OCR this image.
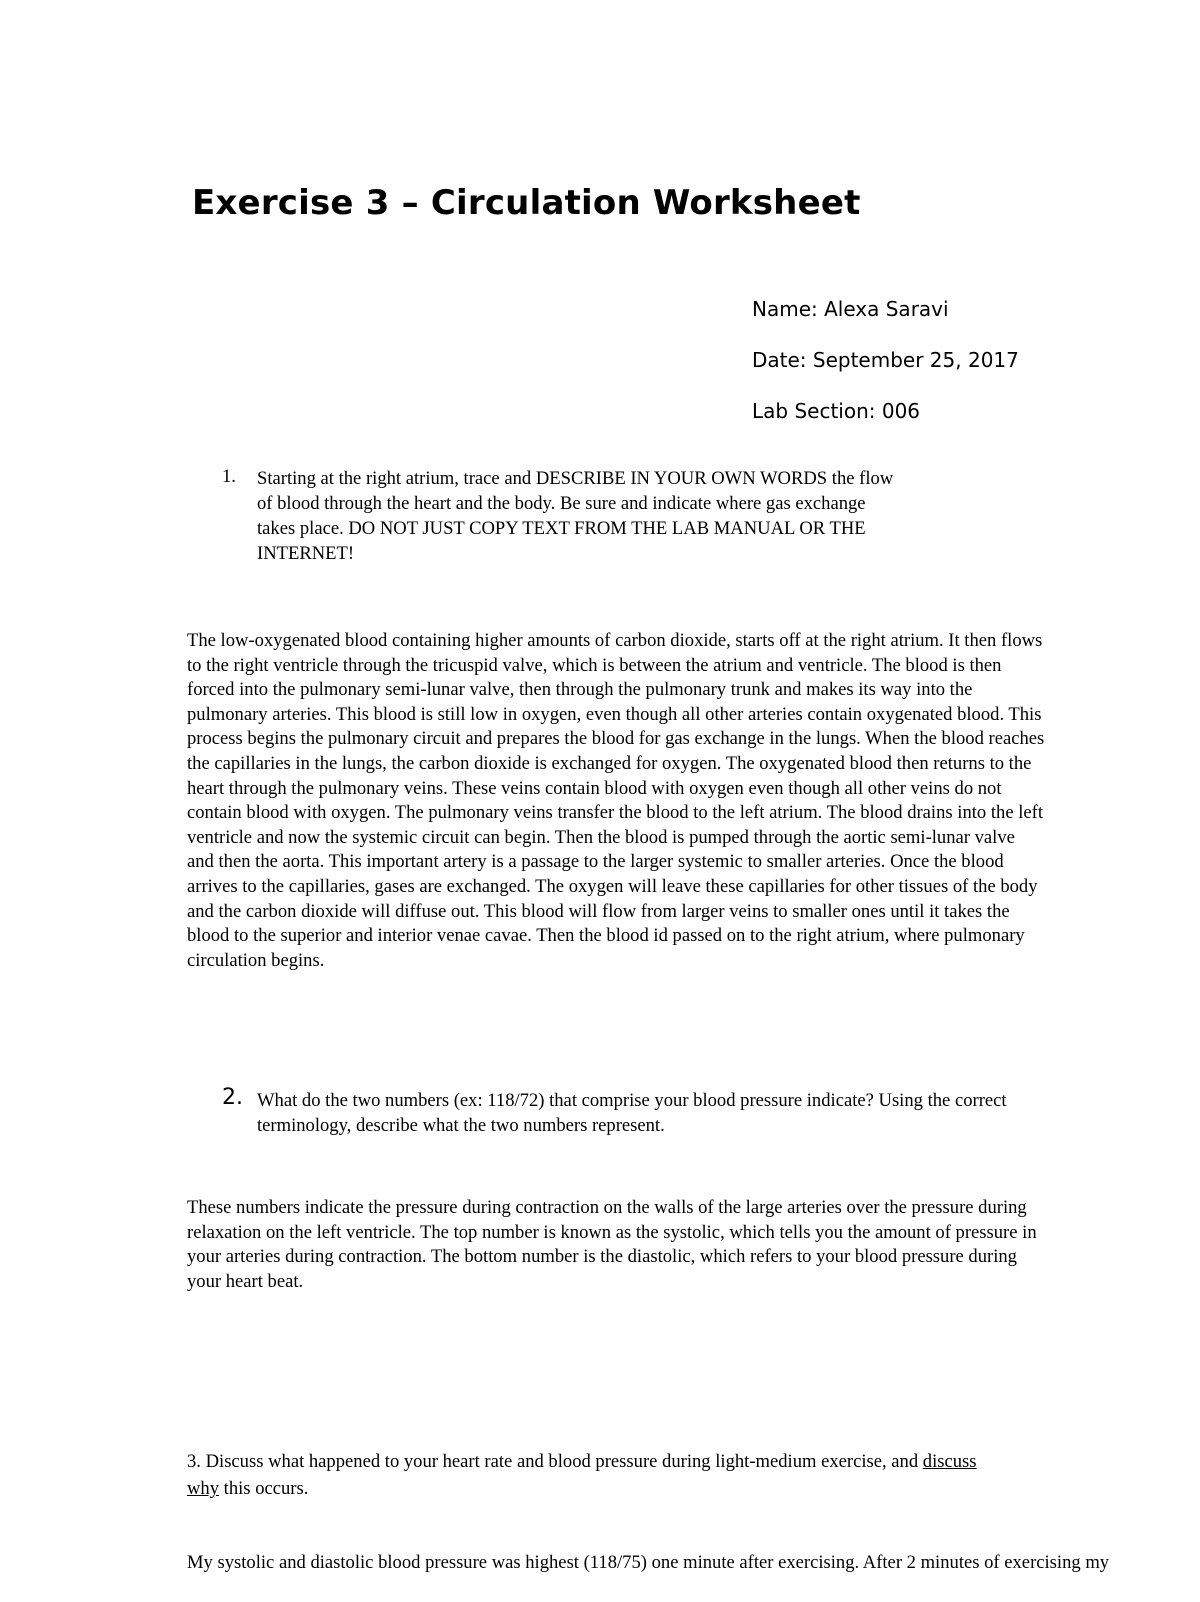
Exercise 3 – Circulation Worksheet
Name: Alexa Saravi
Date: September 25, 2017
Lab Section: 006
1. Starting at the right atrium, trace and DESCRIBE IN YOUR OWN WORDS the flow
of blood through the heart and the body. Be sure and indicate where gas exchange
takes place. DO NOT JUST COPY TEXT FROM THE LAB MANUAL OR THE
INTERNET!
The low-oxygenated blood containing higher amounts of carbon dioxide, starts off at the right atrium. It then flows
to the right ventricle through the tricuspid valve, which is between the atrium and ventricle. The blood is then
forced into the pulmonary semi-lunar valve, then through the pulmonary trunk and makes its way into the
pulmonary arteries. This blood is still low in oxygen, even though all other arteries contain oxygenated blood. This
process begins the pulmonary circuit and prepares the blood for gas exchange in the lungs. When the blood reaches
the capillaries in the lungs, the carbon dioxide is exchanged for oxygen. The oxygenated blood then returns to the
heart through the pulmonary veins. These veins contain blood with oxygen even though all other veins do not
contain blood with oxygen. The pulmonary veins transfer the blood to the left atrium. The blood drains into the left
ventricle and now the systemic circuit can begin. Then the blood is pumped through the aortic semi-lunar valve
and then the aorta. This important artery is a passage to the larger systemic to smaller arteries. Once the blood
arrives to the capillaries, gases are exchanged. The oxygen will leave these capillaries for other tissues of the body
and the carbon dioxide will diffuse out. This blood will flow from larger veins to smaller ones until it takes the
blood to the superior and interior venae cavae. Then the blood id passed on to the right atrium, where pulmonary
circulation begins.
2. What do the two numbers (ex: 118/72) that comprise your blood pressure indicate? Using the correct
terminology, describe what the two numbers represent.
These numbers indicate the pressure during contraction on the walls of the large arteries over the pressure during
relaxation on the left ventricle. The top number is known as the systolic, which tells you the amount of pressure in
your arteries during contraction. The bottom number is the diastolic, which refers to your blood pressure during
your heart beat.
3. Discuss what happened to your heart rate and blood pressure during light-medium exercise, and discuss
why this occurs.
My systolic and diastolic blood pressure was highest (118/75) one minute after exercising. After 2 minutes of exercising my
